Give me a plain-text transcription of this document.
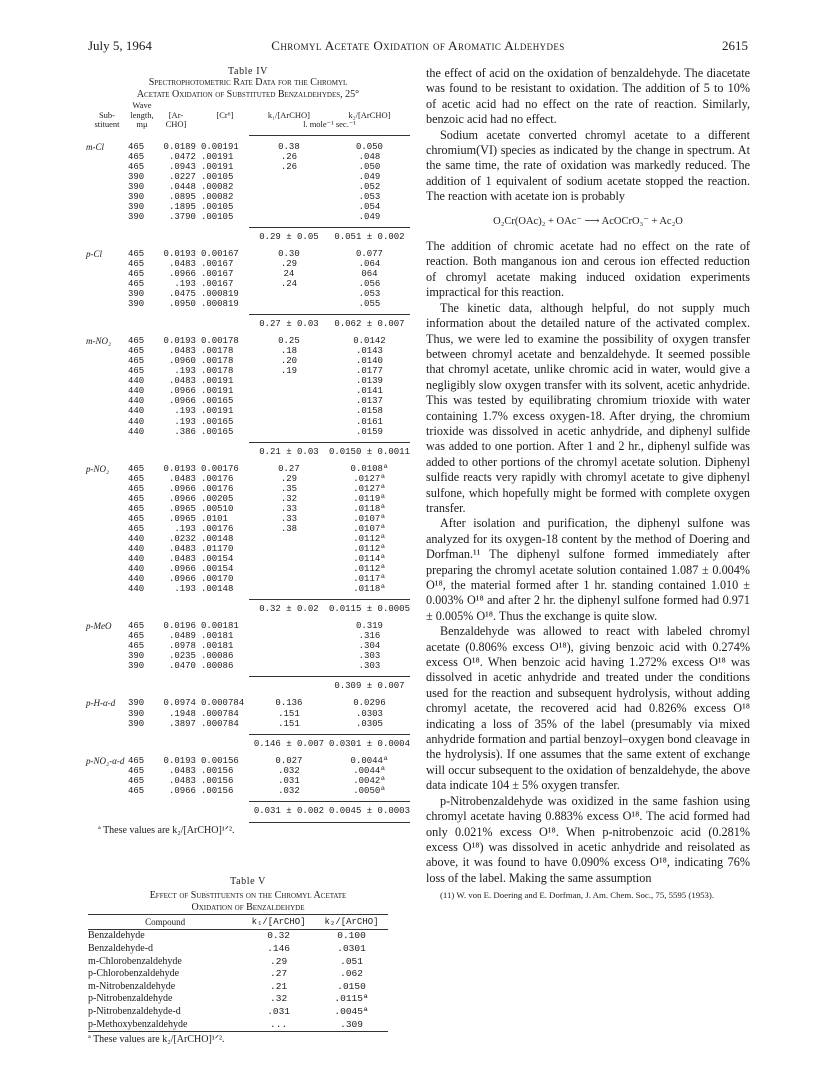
July 5, 1964	Chromyl Acetate Oxidation of Aromatic Aldehydes	2615
Table IV
Spectrophotometric Rate Data for the Chromyl
Acetate Oxidation of Substituted Benzaldehydes, 25°
	Wave				
Sub-	length,	[Ar-	[Cr⁶]	k₁/[ArCHO]	k₂/[ArCHO]
stituent	mμ	CHO]		l. mole⁻¹ sec.⁻¹	

m-Cl	465	0.0189	0.00191	0.38	0.050
	465	.0472	.00191	.26	.048
	465	.0943	.00191	.26	.050
	390	.0227	.00105		.049
	390	.0448	.00082		.052
	390	.0895	.00082		.053
	390	.1895	.00105		.054
	390	.3790	.00105		.049

				0.29 ± 0.05	0.051 ± 0.002

p-Cl	465	0.0193	0.00167	0.30	0.077
	465	.0483	.00167	.29	.064
	465	.0966	.00167	24	064
	465	.193	.00167	.24	.056
	390	.0475	.000819		.053
	390	.0950	.000819		.055

				0.27 ± 0.03	0.062 ± 0.007

m-NO₂	465	0.0193	0.00178	0.25	0.0142
	465	.0483	.00178	.18	.0143
	465	.0960	.00178	.20	.0140
	465	.193	.00178	.19	.0177
	440	.0483	.00191		.0139
	440	.0966	.00191		.0141
	440	.0966	.00165		.0137
	440	.193	.00191		.0158
	440	.193	.00165		.0161
	440	.386	.00165		.0159

				0.21 ± 0.03	0.0150 ± 0.0011

p-NO₂	465	0.0193	0.00176	0.27	0.0108ª
	465	.0483	.00176	.29	.0127ª
	465	.0966	.00176	.35	.0127ª
	465	.0966	.00205	.32	.0119ª
	465	.0965	.00510	.33	.0118ª
	465	.0965	.0101	.33	.0107ª
	465	.193	.00176	.38	.0107ª
	440	.0232	.00148		.0112ª
	440	.0483	.01170		.0112ª
	440	.0483	.00154		.0114ª
	440	.0966	.00154		.0112ª
	440	.0966	.00170		.0117ª
	440	.193	.00148		.0118ª

				0.32 ± 0.02	0.0115 ± 0.0005

p-MeO	465	0.0196	0.00181		0.319
	465	.0489	.00181		.316
	465	.0978	.00181		.304
	390	.0235	.00086		.303
	390	.0470	.00086		.303

					0.309 ± 0.007

p-H-α-d	390	0.0974	0.000784	0.136	0.0296
	390	.1948	.000784	.151	.0303
	390	.3897	.000784	.151	.0305

				0.146 ± 0.007	0.0301 ± 0.0004

p-NO₂-α-d	465	0.0193	0.00156	0.027	0.0044ª
	465	.0483	.00156	.032	.0044ª
	465	.0483	.00156	.031	.0042ª
	465	.0966	.00156	.032	.0050ª

				0.031 ± 0.002	0.0045 ± 0.0003

ª These values are k₂/[ArCHO]¹ᐟ².
Table V
Effect of Substituents on the Chromyl Acetate
Oxidation of Benzaldehyde
Compound	k₁/[ArCHO]	k₂/[ArCHO]
Benzaldehyde	0.32	0.100
Benzaldehyde-d	.146	.0301
m-Chlorobenzaldehyde	.29	.051
p-Chlorobenzaldehyde	.27	.062
m-Nitrobenzaldehyde	.21	.0150
p-Nitrobenzaldehyde	.32	.0115ª
p-Nitrobenzaldehyde-d	.031	.0045ª
p-Methoxybenzaldehyde	...	.309
ª These values are k₂/[ArCHO]¹ᐟ².

the effect of acid on the oxidation of benzaldehyde. The diacetate was found to be resistant to oxidation. The addition of 5 to 10% of acetic acid had no effect on the rate of reaction. Similarly, benzoic acid had no effect.

Sodium acetate converted chromyl acetate to a different chromium(VI) species as indicated by the change in spectrum. At the same time, the rate of oxidation was markedly reduced. The addition of 1 equivalent of sodium acetate stopped the reaction. The reaction with acetate ion is probably

O₂Cr(OAc)₂ + OAc⁻ ⟶ AcOCrO₃⁻ + Ac₂O

The addition of chromic acetate had no effect on the rate of reaction. Both manganous ion and cerous ion effected reduction of chromyl acetate making induced oxidation experiments impractical for this reaction.

The kinetic data, although helpful, do not supply much information about the detailed nature of the activated complex. Thus, we were led to examine the possibility of oxygen transfer between chromyl acetate and benzaldehyde. It seemed possible that chromyl acetate, unlike chromic acid in water, would give a negligibly slow oxygen transfer with its solvent, acetic anhydride. This was tested by equilibrating chromium trioxide with water containing 1.7% excess oxygen-18. After drying, the chromium trioxide was dissolved in acetic anhydride, and diphenyl sulfide was added to one portion. After 1 and 2 hr., diphenyl sulfide was added to other portions of the chromyl acetate solution. Diphenyl sulfide reacts very rapidly with chromyl acetate to give diphenyl sulfone, which hopefully might be formed with complete oxygen transfer.

After isolation and purification, the diphenyl sulfone was analyzed for its oxygen-18 content by the method of Doering and Dorfman.¹¹ The diphenyl sulfone formed immediately after preparing the chromyl acetate solution contained 1.087 ± 0.004% O¹⁸, the material formed after 1 hr. standing contained 1.010 ± 0.003% O¹⁸ and after 2 hr. the diphenyl sulfone formed had 0.971 ± 0.005% O¹⁸. Thus the exchange is quite slow.

Benzaldehyde was allowed to react with labeled chromyl acetate (0.806% excess O¹⁸), giving benzoic acid with 0.274% excess O¹⁸. When benzoic acid having 1.272% excess O¹⁸ was dissolved in acetic anhydride and treated under the conditions used for the reaction and subsequent hydrolysis, without adding chromyl acetate, the recovered acid had 0.826% excess O¹⁸ indicating a loss of 35% of the label (presumably via mixed anhydride formation and partial benzoyl–oxygen bond cleavage in the hydrolysis). If one assumes that the same extent of exchange will occur subsequent to the oxidation of benzaldehyde, the above data indicate 104 ± 5% oxygen transfer.

p-Nitrobenzaldehyde was oxidized in the same fashion using chromyl acetate having 0.883% excess O¹⁸. The acid formed had only 0.021% excess O¹⁸. When p-nitrobenzoic acid (0.281% excess O¹⁸) was dissolved in acetic anhydride and reisolated as above, it was found to have 0.090% excess O¹⁸, indicating 76% loss of the label. Making the same assumption

(11) W. von E. Doering and E. Dorfman, J. Am. Chem. Soc., 75, 5595 (1953).
